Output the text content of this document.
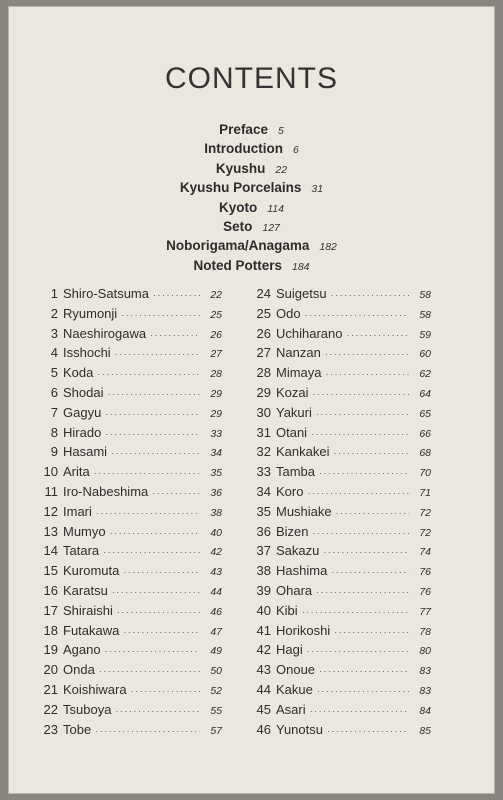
CONTENTS
Preface 5
Introduction 6
Kyushu 22
Kyushu Porcelains 31
Kyoto 114
Seto 127
Noborigama/Anagama 182
Noted Potters 184
1 Shiro-Satsuma ·····	22
2 Ryumonji ·····	25
3 Naeshirogawa ·····	26
4 Isshochi ·····	27
5 Koda ·····	28
6 Shodai ·····	29
7 Gagyu ·····	29
8 Hirado ·····	33
9 Hasami ·····	34
10 Arita ·····	35
11 Iro-Nabeshima ·····	36
12 Imari ·····	38
13 Mumyo ·····	40
14 Tatara ·····	42
15 Kuromuta ·····	43
16 Karatsu ·····	44
17 Shiraishi ·····	46
18 Futakawa ·····	47
19 Agano ·····	49
20 Onda ·····	50
21 Koishiwara ·····	52
22 Tsuboya ·····	55
23 Tobe ·····	57
24 Suigetsu ·····	58
25 Odo ·····	58
26 Uchiharano ·····	59
27 Nanzan ·····	60
28 Mimaya ·····	62
29 Kozai ·····	64
30 Yakuri ·····	65
31 Otani ·····	66
32 Kankakei ·····	68
33 Tamba ·····	70
34 Koro ·····	71
35 Mushiake ·····	72
36 Bizen ·····	72
37 Sakazu ·····	74
38 Hashima ·····	76
39 Ohara ·····	76
40 Kibi ·····	77
41 Horikoshi ·····	78
42 Hagi ·····	80
43 Onoue ·····	83
44 Kakue ·····	83
45 Asari ·····	84
46 Yunotsu ·····	85
